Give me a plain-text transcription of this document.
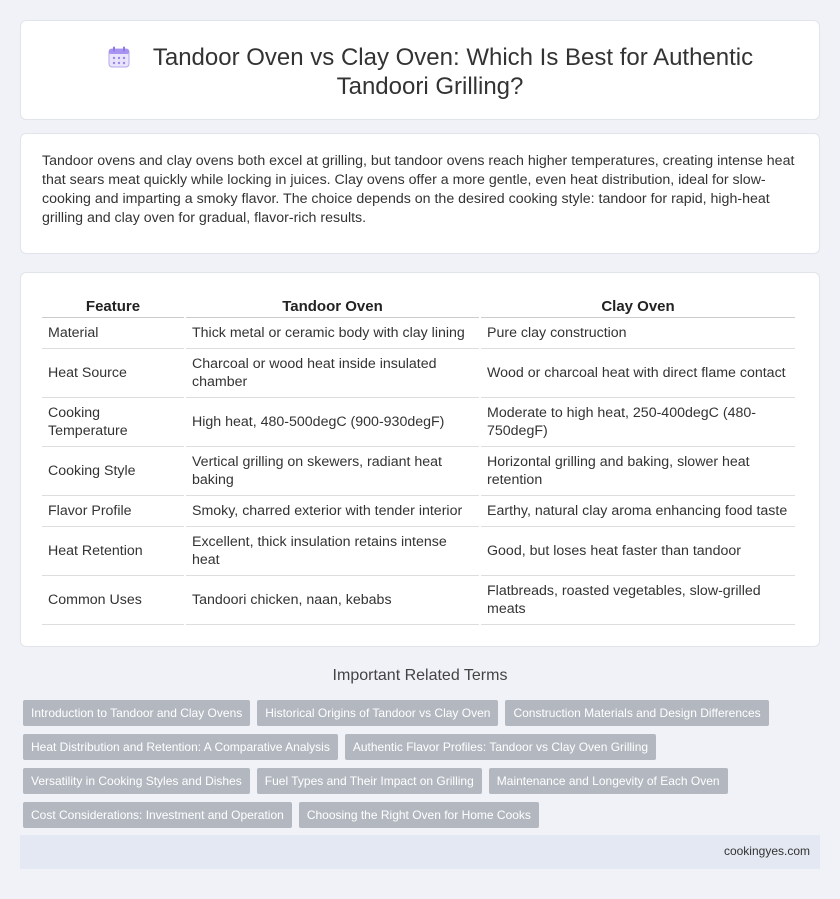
Tandoor Oven vs Clay Oven: Which Is Best for Authentic Tandoori Grilling?

Tandoor ovens and clay ovens both excel at grilling, but tandoor ovens reach higher temperatures, creating intense heat that sears meat quickly while locking in juices. Clay ovens offer a more gentle, even heat distribution, ideal for slow-cooking and imparting a smoky flavor. The choice depends on the desired cooking style: tandoor for rapid, high-heat grilling and clay oven for gradual, flavor-rich results.

Feature	Tandoor Oven	Clay Oven
Material	Thick metal or ceramic body with clay lining	Pure clay construction
Heat Source	Charcoal or wood heat inside insulated chamber	Wood or charcoal heat with direct flame contact
Cooking Temperature	High heat, 480-500degC (900-930degF)	Moderate to high heat, 250-400degC (480-750degF)
Cooking Style	Vertical grilling on skewers, radiant heat baking	Horizontal grilling and baking, slower heat retention
Flavor Profile	Smoky, charred exterior with tender interior	Earthy, natural clay aroma enhancing food taste
Heat Retention	Excellent, thick insulation retains intense heat	Good, but loses heat faster than tandoor
Common Uses	Tandoori chicken, naan, kebabs	Flatbreads, roasted vegetables, slow-grilled meats
Important Related Terms
Introduction to Tandoor and Clay Ovens Historical Origins of Tandoor vs Clay Oven Construction Materials and Design DifferencesHeat Distribution and Retention: A Comparative Analysis Authentic Flavor Profiles: Tandoor vs Clay Oven GrillingVersatility in Cooking Styles and Dishes Fuel Types and Their Impact on Grilling Maintenance and Longevity of Each OvenCost Considerations: Investment and Operation Choosing the Right Oven for Home Cooks
cookingyes.com
